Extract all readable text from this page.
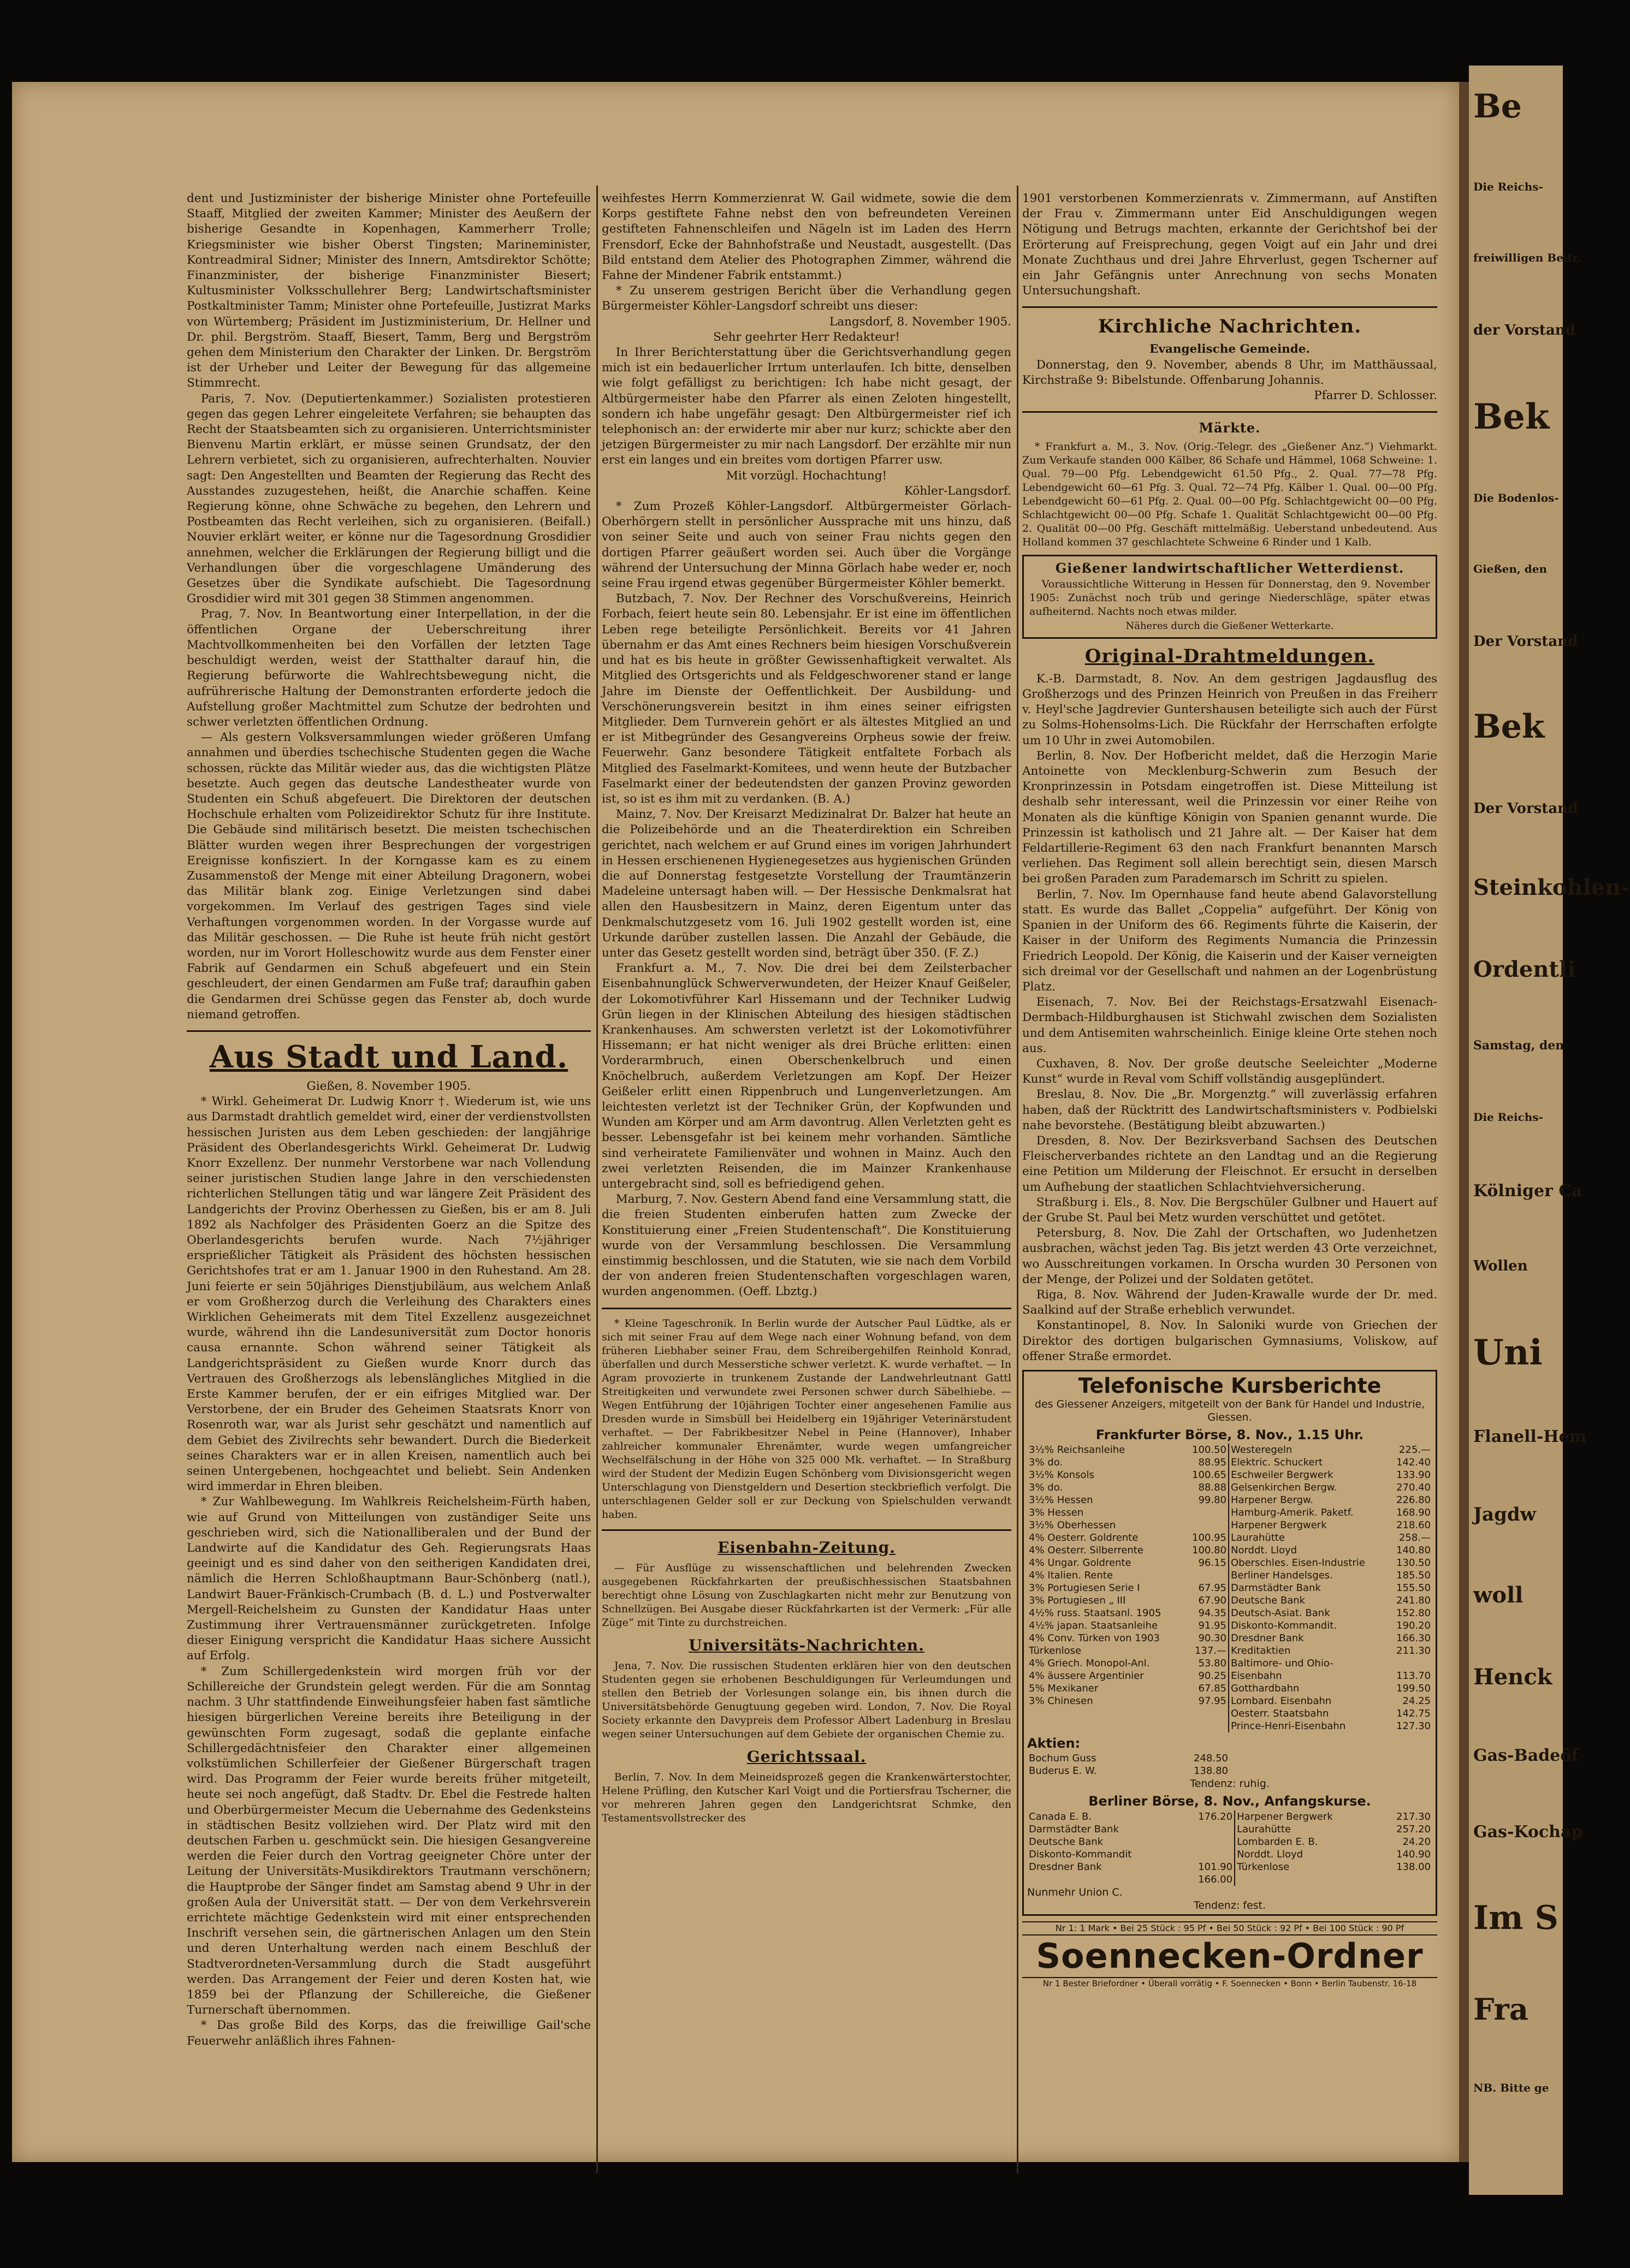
dent und Justizminister der bisherige Minister ohne Portefeuille Staaff, Mitglied der zweiten Kammer; Minister des Aeußern der bisherige Gesandte in Kopenhagen, Kammerherr Trolle; Kriegsminister wie bisher Oberst Tingsten; Marineminister, Kontreadmiral Sidner; Minister des Innern, Amtsdirektor Schötte; Finanzminister, der bisherige Finanzminister Biesert; Kultusminister Volksschullehrer Berg; Landwirtschaftsminister Postkaltminister Tamm; Minister ohne Portefeuille, Justizrat Marks von Würtemberg; Präsident im Justizministerium, Dr. Hellner und Dr. phil. Bergström. Staaff, Biesert, Tamm, Berg und Bergström gehen dem Ministerium den Charakter der Linken. Dr. Bergström ist der Urheber und Leiter der Bewegung für das allgemeine Stimmrecht.

Paris, 7. Nov. (Deputiertenkammer.) Sozialisten protestieren gegen das gegen Lehrer eingeleitete Verfahren; sie behaupten das Recht der Staatsbeamten sich zu organisieren. Unterrichtsminister Bienvenu Martin erklärt, er müsse seinen Grundsatz, der den Lehrern verbietet, sich zu organisieren, aufrechterhalten. Nouvier sagt: Den Angestellten und Beamten der Regierung das Recht des Ausstandes zuzugestehen, heißt, die Anarchie schaffen. Keine Regierung könne, ohne Schwäche zu begehen, den Lehrern und Postbeamten das Recht verleihen, sich zu organisieren. (Beifall.) Nouvier erklärt weiter, er könne nur die Tagesordnung Grosdidier annehmen, welcher die Erklärungen der Regierung billigt und die Verhandlungen über die vorgeschlagene Umänderung des Gesetzes über die Syndikate aufschiebt. Die Tagesordnung Grosdidier wird mit 301 gegen 38 Stimmen angenommen.

Prag, 7. Nov. In Beantwortung einer Interpellation, in der die öffentlichen Organe der Ueberschreitung ihrer Machtvollkommenheiten bei den Vorfällen der letzten Tage beschuldigt werden, weist der Statthalter darauf hin, die Regierung befürworte die Wahlrechtsbewegung nicht, die aufrührerische Haltung der Demonstranten erforderte jedoch die Aufstellung großer Machtmittel zum Schutze der bedrohten und schwer verletzten öffentlichen Ordnung.

— Als gestern Volksversammlungen wieder größeren Umfang annahmen und überdies tschechische Studenten gegen die Wache schossen, rückte das Militär wieder aus, das die wichtigsten Plätze besetzte. Auch gegen das deutsche Landestheater wurde von Studenten ein Schuß abgefeuert. Die Direktoren der deutschen Hochschule erhalten vom Polizeidirektor Schutz für ihre Institute. Die Gebäude sind militärisch besetzt. Die meisten tschechischen Blätter wurden wegen ihrer Besprechungen der vorgestrigen Ereignisse konfisziert. In der Korngasse kam es zu einem Zusammenstoß der Menge mit einer Abteilung Dragonern, wobei das Militär blank zog. Einige Verletzungen sind dabei vorgekommen. Im Verlauf des gestrigen Tages sind viele Verhaftungen vorgenommen worden. In der Vorgasse wurde auf das Militär geschossen. — Die Ruhe ist heute früh nicht gestört worden, nur im Vorort Holleschowitz wurde aus dem Fenster einer Fabrik auf Gendarmen ein Schuß abgefeuert und ein Stein geschleudert, der einen Gendarmen am Fuße traf; daraufhin gaben die Gendarmen drei Schüsse gegen das Fenster ab, doch wurde niemand getroffen.

Aus Stadt und Land.

Gießen, 8. November 1905.

* Wirkl. Geheimerat Dr. Ludwig Knorr †. Wiederum ist, wie uns aus Darmstadt drahtlich gemeldet wird, einer der verdienstvollsten hessischen Juristen aus dem Leben geschieden: der langjährige Präsident des Oberlandesgerichts Wirkl. Geheimerat Dr. Ludwig Knorr Exzellenz. Der nunmehr Verstorbene war nach Vollendung seiner juristischen Studien lange Jahre in den verschiedensten richterlichen Stellungen tätig und war längere Zeit Präsident des Landgerichts der Provinz Oberhessen zu Gießen, bis er am 8. Juli 1892 als Nachfolger des Präsidenten Goerz an die Spitze des Oberlandesgerichts berufen wurde. Nach 7½jähriger ersprießlicher Tätigkeit als Präsident des höchsten hessischen Gerichtshofes trat er am 1. Januar 1900 in den Ruhestand. Am 28. Juni feierte er sein 50jähriges Dienstjubiläum, aus welchem Anlaß er vom Großherzog durch die Verleihung des Charakters eines Wirklichen Geheimerats mit dem Titel Exzellenz ausgezeichnet wurde, während ihn die Landesuniversität zum Doctor honoris causa ernannte. Schon während seiner Tätigkeit als Landgerichtspräsident zu Gießen wurde Knorr durch das Vertrauen des Großherzogs als lebenslängliches Mitglied in die Erste Kammer berufen, der er ein eifriges Mitglied war. Der Verstorbene, der ein Bruder des Geheimen Staatsrats Knorr von Rosenroth war, war als Jurist sehr geschätzt und namentlich auf dem Gebiet des Zivilrechts sehr bewandert. Durch die Biederkeit seines Charakters war er in allen Kreisen, namentlich auch bei seinen Untergebenen, hochgeachtet und beliebt. Sein Andenken wird immerdar in Ehren bleiben.

* Zur Wahlbewegung. Im Wahlkreis Reichelsheim-Fürth haben, wie auf Grund von Mitteilungen von zuständiger Seite uns geschrieben wird, sich die Nationalliberalen und der Bund der Landwirte auf die Kandidatur des Geh. Regierungsrats Haas geeinigt und es sind daher von den seitherigen Kandidaten drei, nämlich die Herren Schloßhauptmann Baur-Schönberg (natl.), Landwirt Bauer-Fränkisch-Crumbach (B. d. L.) und Postverwalter Mergell-Reichelsheim zu Gunsten der Kandidatur Haas unter Zustimmung ihrer Vertrauensmänner zurückgetreten. Infolge dieser Einigung verspricht die Kandidatur Haas sichere Aussicht auf Erfolg.

* Zum Schillergedenkstein wird morgen früh vor der Schillereiche der Grundstein gelegt werden. Für die am Sonntag nachm. 3 Uhr stattfindende Einweihungsfeier haben fast sämtliche hiesigen bürgerlichen Vereine bereits ihre Beteiligung in der gewünschten Form zugesagt, sodaß die geplante einfache Schillergedächtnisfeier den Charakter einer allgemeinen volkstümlichen Schillerfeier der Gießener Bürgerschaft tragen wird. Das Programm der Feier wurde bereits früher mitgeteilt, heute sei noch angefügt, daß Stadtv. Dr. Ebel die Festrede halten und Oberbürgermeister Mecum die Uebernahme des Gedenksteins in städtischen Besitz vollziehen wird. Der Platz wird mit den deutschen Farben u. geschmückt sein. Die hiesigen Gesangvereine werden die Feier durch den Vortrag geeigneter Chöre unter der Leitung der Universitäts-Musikdirektors Trautmann verschönern; die Hauptprobe der Sänger findet am Samstag abend 9 Uhr in der großen Aula der Universität statt. — Der von dem Verkehrsverein errichtete mächtige Gedenkstein wird mit einer entsprechenden Inschrift versehen sein, die gärtnerischen Anlagen um den Stein und deren Unterhaltung werden nach einem Beschluß der Stadtverordneten-Versammlung durch die Stadt ausgeführt werden. Das Arrangement der Feier und deren Kosten hat, wie 1859 bei der Pflanzung der Schillereiche, die Gießener Turnerschaft übernommen.

* Das große Bild des Korps, das die freiwillige Gail'sche Feuerwehr anläßlich ihres Fahnen-

weihfestes Herrn Kommerzienrat W. Gail widmete, sowie die dem Korps gestiftete Fahne nebst den von befreundeten Vereinen gestifteten Fahnenschleifen und Nägeln ist im Laden des Herrn Frensdorf, Ecke der Bahnhofstraße und Neustadt, ausgestellt. (Das Bild entstand dem Atelier des Photographen Zimmer, während die Fahne der Mindener Fabrik entstammt.)

* Zu unserem gestrigen Bericht über die Verhandlung gegen Bürgermeister Köhler-Langsdorf schreibt uns dieser:

Langsdorf, 8. November 1905.

Sehr geehrter Herr Redakteur!

In Ihrer Berichterstattung über die Gerichtsverhandlung gegen mich ist ein bedauerlicher Irrtum unterlaufen. Ich bitte, denselben wie folgt gefälligst zu berichtigen: Ich habe nicht gesagt, der Altbürgermeister habe den Pfarrer als einen Zeloten hingestellt, sondern ich habe ungefähr gesagt: Den Altbürgermeister rief ich telephonisch an: der erwiderte mir aber nur kurz; schickte aber den jetzigen Bürgermeister zu mir nach Langsdorf. Der erzählte mir nun erst ein langes und ein breites vom dortigen Pfarrer usw.

Mit vorzügl. Hochachtung!

Köhler-Langsdorf.

* Zum Prozeß Köhler-Langsdorf. Altbürgermeister Görlach-Oberhörgern stellt in persönlicher Aussprache mit uns hinzu, daß von seiner Seite und auch von seiner Frau nichts gegen den dortigen Pfarrer geäußert worden sei. Auch über die Vorgänge während der Untersuchung der Minna Görlach habe weder er, noch seine Frau irgend etwas gegenüber Bürgermeister Köhler bemerkt.

Butzbach, 7. Nov. Der Rechner des Vorschußvereins, Heinrich Forbach, feiert heute sein 80. Lebensjahr. Er ist eine im öffentlichen Leben rege beteiligte Persönlichkeit. Bereits vor 41 Jahren übernahm er das Amt eines Rechners beim hiesigen Vorschußverein und hat es bis heute in größter Gewissenhaftigkeit verwaltet. Als Mitglied des Ortsgerichts und als Feldgeschworener stand er lange Jahre im Dienste der Oeffentlichkeit. Der Ausbildung- und Verschönerungsverein besitzt in ihm eines seiner eifrigsten Mitglieder. Dem Turnverein gehört er als ältestes Mitglied an und er ist Mitbegründer des Gesangvereins Orpheus sowie der freiw. Feuerwehr. Ganz besondere Tätigkeit entfaltete Forbach als Mitglied des Faselmarkt-Komitees, und wenn heute der Butzbacher Faselmarkt einer der bedeutendsten der ganzen Provinz geworden ist, so ist es ihm mit zu verdanken. (B. A.)

Mainz, 7. Nov. Der Kreisarzt Medizinalrat Dr. Balzer hat heute an die Polizeibehörde und an die Theaterdirektion ein Schreiben gerichtet, nach welchem er auf Grund eines im vorigen Jahrhundert in Hessen erschienenen Hygienegesetzes aus hygienischen Gründen die auf Donnerstag festgesetzte Vorstellung der Traumtänzerin Madeleine untersagt haben will. — Der Hessische Denkmalsrat hat allen den Hausbesitzern in Mainz, deren Eigentum unter das Denkmalschutzgesetz vom 16. Juli 1902 gestellt worden ist, eine Urkunde darüber zustellen lassen. Die Anzahl der Gebäude, die unter das Gesetz gestellt worden sind, beträgt über 350. (F. Z.)

Frankfurt a. M., 7. Nov. Die drei bei dem Zeilsterbacher Eisenbahnunglück Schwerverwundeten, der Heizer Knauf Geißeler, der Lokomotivführer Karl Hissemann und der Techniker Ludwig Grün liegen in der Klinischen Abteilung des hiesigen städtischen Krankenhauses. Am schwersten verletzt ist der Lokomotivführer Hissemann; er hat nicht weniger als drei Brüche erlitten: einen Vorderarmbruch, einen Oberschenkelbruch und einen Knöchelbruch, außerdem Verletzungen am Kopf. Der Heizer Geißeler erlitt einen Rippenbruch und Lungenverletzungen. Am leichtesten verletzt ist der Techniker Grün, der Kopfwunden und Wunden am Körper und am Arm davontrug. Allen Verletzten geht es besser. Lebensgefahr ist bei keinem mehr vorhanden. Sämtliche sind verheiratete Familienväter und wohnen in Mainz. Auch den zwei verletzten Reisenden, die im Mainzer Krankenhause untergebracht sind, soll es befriedigend gehen.

Marburg, 7. Nov. Gestern Abend fand eine Versammlung statt, die die freien Studenten einberufen hatten zum Zwecke der Konstituierung einer „Freien Studentenschaft“. Die Konstituierung wurde von der Versammlung beschlossen. Die Versammlung einstimmig beschlossen, und die Statuten, wie sie nach dem Vorbild der von anderen freien Studentenschaften vorgeschlagen waren, wurden angenommen. (Oeff. Lbztg.)

* Kleine Tageschronik. In Berlin wurde der Autscher Paul Lüdtke, als er sich mit seiner Frau auf dem Wege nach einer Wohnung befand, von dem früheren Liebhaber seiner Frau, dem Schreibergehilfen Reinhold Konrad, überfallen und durch Messerstiche schwer verletzt. K. wurde verhaftet. — In Agram provozierte in trunkenem Zustande der Landwehrleutnant Gattl Streitigkeiten und verwundete zwei Personen schwer durch Säbelhiebe. — Wegen Entführung der 10jährigen Tochter einer angesehenen Familie aus Dresden wurde in Simsbüll bei Heidelberg ein 19jähriger Veterinärstudent verhaftet. — Der Fabrikbesitzer Nebel in Peine (Hannover), Inhaber zahlreicher kommunaler Ehrenämter, wurde wegen umfangreicher Wechselfälschung in der Höhe von 325 000 Mk. verhaftet. — In Straßburg wird der Student der Medizin Eugen Schönberg vom Divisionsgericht wegen Unterschlagung von Dienstgeldern und Desertion steckbrieflich verfolgt. Die unterschlagenen Gelder soll er zur Deckung von Spielschulden verwandt haben.

Eisenbahn-Zeitung.

— Für Ausflüge zu wissenschaftlichen und belehrenden Zwecken ausgegebenen Rückfahrkarten der preußischhessischen Staatsbahnen berechtigt ohne Lösung von Zuschlagkarten nicht mehr zur Benutzung von Schnellzügen. Bei Ausgabe dieser Rückfahrkarten ist der Vermerk: „Für alle Züge“ mit Tinte zu durchstreichen.

Universitäts-Nachrichten.

Jena, 7. Nov. Die russischen Studenten erklären hier von den deutschen Studenten gegen sie erhobenen Beschuldigungen für Verleumdungen und stellen den Betrieb der Vorlesungen solange ein, bis ihnen durch die Universitätsbehörde Genugtuung gegeben wird. London, 7. Nov. Die Royal Society erkannte den Davypreis dem Professor Albert Ladenburg in Breslau wegen seiner Untersuchungen auf dem Gebiete der organischen Chemie zu.

Gerichtssaal.

Berlin, 7. Nov. In dem Meineidsprozeß gegen die Krankenwärterstochter, Helene Prüfling, den Kutscher Karl Voigt und die Portiersfrau Tscherner, die vor mehreren Jahren gegen den Landgerichtsrat Schmke, den Testamentsvollstrecker des

1901 verstorbenen Kommerzienrats v. Zimmermann, auf Anstiften der Frau v. Zimmermann unter Eid Anschuldigungen wegen Nötigung und Betrugs machten, erkannte der Gerichtshof bei der Erörterung auf Freisprechung, gegen Voigt auf ein Jahr und drei Monate Zuchthaus und drei Jahre Ehrverlust, gegen Tscherner auf ein Jahr Gefängnis unter Anrechnung von sechs Monaten Untersuchungshaft.

Kirchliche Nachrichten.

Evangelische Gemeinde.

Donnerstag, den 9. November, abends 8 Uhr, im Matthäussaal, Kirchstraße 9: Bibelstunde. Offenbarung Johannis.

Pfarrer D. Schlosser.

Märkte.

* Frankfurt a. M., 3. Nov. (Orig.-Telegr. des „Gießener Anz.“) Viehmarkt. Zum Verkaufe standen 000 Kälber, 86 Schafe und Hämmel, 1068 Schweine: 1. Qual. 79—00 Pfg. Lebendgewicht 61.50 Pfg., 2. Qual. 77—78 Pfg. Lebendgewicht 60—61 Pfg. 3. Qual. 72—74 Pfg. Kälber 1. Qual. 00—00 Pfg. Lebendgewicht 60—61 Pfg. 2. Qual. 00—00 Pfg. Schlachtgewicht 00—00 Pfg. Schlachtgewicht 00—00 Pfg. Schafe 1. Qualität Schlachtgewicht 00—00 Pfg. 2. Qualität 00—00 Pfg. Geschäft mittelmäßig. Ueberstand unbedeutend. Aus Holland kommen 37 geschlachtete Schweine 6 Rinder und 1 Kalb.

Gießener landwirtschaftlicher Wetterdienst.

Voraussichtliche Witterung in Hessen für Donnerstag, den 9. November 1905: Zunächst noch trüb und geringe Niederschläge, später etwas aufheiternd. Nachts noch etwas milder.

Näheres durch die Gießener Wetterkarte.

Original-Drahtmeldungen.

K.-B. Darmstadt, 8. Nov. An dem gestrigen Jagdausflug des Großherzogs und des Prinzen Heinrich von Preußen in das Freiherr v. Heyl'sche Jagdrevier Guntershausen beteiligte sich auch der Fürst zu Solms-Hohensolms-Lich. Die Rückfahr der Herrschaften erfolgte um 10 Uhr in zwei Automobilen.

Berlin, 8. Nov. Der Hofbericht meldet, daß die Herzogin Marie Antoinette von Mecklenburg-Schwerin zum Besuch der Kronprinzessin in Potsdam eingetroffen ist. Diese Mitteilung ist deshalb sehr interessant, weil die Prinzessin vor einer Reihe von Monaten als die künftige Königin von Spanien genannt wurde. Die Prinzessin ist katholisch und 21 Jahre alt. — Der Kaiser hat dem Feldartillerie-Regiment 63 den nach Frankfurt benannten Marsch verliehen. Das Regiment soll allein berechtigt sein, diesen Marsch bei großen Paraden zum Parademarsch im Schritt zu spielen.

Berlin, 7. Nov. Im Opernhause fand heute abend Galavorstellung statt. Es wurde das Ballet „Coppelia“ aufgeführt. Der König von Spanien in der Uniform des 66. Regiments führte die Kaiserin, der Kaiser in der Uniform des Regiments Numancia die Prinzessin Friedrich Leopold. Der König, die Kaiserin und der Kaiser verneigten sich dreimal vor der Gesellschaft und nahmen an der Logenbrüstung Platz.

Eisenach, 7. Nov. Bei der Reichstags-Ersatzwahl Eisenach-Dermbach-Hildburghausen ist Stichwahl zwischen dem Sozialisten und dem Antisemiten wahrscheinlich. Einige kleine Orte stehen noch aus.

Cuxhaven, 8. Nov. Der große deutsche Seeleichter „Moderne Kunst“ wurde in Reval vom Schiff vollständig ausgeplündert.

Breslau, 8. Nov. Die „Br. Morgenztg.“ will zuverlässig erfahren haben, daß der Rücktritt des Landwirtschaftsministers v. Podbielski nahe bevorstehe. (Bestätigung bleibt abzuwarten.)

Dresden, 8. Nov. Der Bezirksverband Sachsen des Deutschen Fleischerverbandes richtete an den Landtag und an die Regierung eine Petition um Milderung der Fleischnot. Er ersucht in derselben um Aufhebung der staatlichen Schlachtviehversicherung.

Straßburg i. Els., 8. Nov. Die Bergschüler Gulbner und Hauert auf der Grube St. Paul bei Metz wurden verschüttet und getötet.

Petersburg, 8. Nov. Die Zahl der Ortschaften, wo Judenhetzen ausbrachen, wächst jeden Tag. Bis jetzt werden 43 Orte verzeichnet, wo Ausschreitungen vorkamen. In Orscha wurden 30 Personen von der Menge, der Polizei und der Soldaten getötet.

Riga, 8. Nov. Während der Juden-Krawalle wurde der Dr. med. Saalkind auf der Straße erheblich verwundet.

Konstantinopel, 8. Nov. In Saloniki wurde von Griechen der Direktor des dortigen bulgarischen Gymnasiums, Voliskow, auf offener Straße ermordet.

Telefonische Kursberichte
des Giessener Anzeigers, mitgeteilt von der Bank für Handel und Industrie, Giessen.
Frankfurter Börse, 8. Nov., 1.15 Uhr.
3½% Reichsanleihe	100.50	Westeregeln	225.—
3% do.	88.95	Elektric. Schuckert	142.40
3½% Konsols	100.65	Eschweiler Bergwerk	133.90
3% do.	88.88	Gelsenkirchen Bergw.	270.40
3½% Hessen	99.80	Harpener Bergw.	226.80
3% Hessen		Hamburg-Amerik. Paketf.	168.90
3½% Oberhessen		Harpener Bergwerk	218.60
4% Oesterr. Goldrente	100.95	Laurahütte	258.—
4% Oesterr. Silberrente	100.80	Norddt. Lloyd	140.80
4% Ungar. Goldrente	96.15	Oberschles. Eisen-Industrie	130.50
4% Italien. Rente		Berliner Handelsges.	185.50
3% Portugiesen Serie I	67.95	Darmstädter Bank	155.50
3% Portugiesen „ III	67.90	Deutsche Bank	241.80
4½% russ. Staatsanl. 1905	94.35	Deutsch-Asiat. Bank	152.80
4½% japan. Staatsanleihe	91.95	Diskonto-Kommandit.	190.20
4% Conv. Türken von 1903	90.30	Dresdner Bank	166.30
Türkenlose	137.—	Kreditaktien	211.30
4% Griech. Monopol-Anl.	53.80	Baltimore- und Ohio-	
4% äussere Argentinier	90.25	Eisenbahn	113.70
5% Mexikaner	67.85	Gotthardbahn	199.50
3% Chinesen	97.95	Lombard. Eisenbahn	24.25
		Oesterr. Staatsbahn	142.75
		Prince-Henri-Eisenbahn	127.30
Aktien:
Bochum Guss	248.50
Buderus E. W.	138.80
Tendenz: ruhig.
Berliner Börse, 8. Nov., Anfangskurse.
Canada E. B.	176.20	Harpener Bergwerk	217.30
Darmstädter Bank		Laurahütte	257.20
Deutsche Bank		Lombarden E. B.	24.20
Diskonto-Kommandit		Norddt. Lloyd	140.90
Dresdner Bank	101.90	Türkenlose	138.00
	166.00		
Nunmehr Union C.
Tendenz: fest.
Nr 1: 1 Mark • Bei 25 Stück : 95 Pf • Bei 50 Stück : 92 Pf • Bei 100 Stück : 90 Pf
Soennecken-Ordner
Nr 1 Bester Briefordner • Überall vorrätig • F. Soennecken • Bonn • Berlin Taubenstr. 16-18
Be
Die Reichs-
freiwilligen Beitr.
der Vorstand
Bek
Die Bodenlos-
Gießen, den
Der Vorstand
Bek
Der Vorstand
Steinkohlen-
Ordentli
Samstag, den
Die Reichs-
Kölniger Ca
Wollen
Uni
Flanell-Hem
Jagdw
woll
Henck
Gas-Badeöf
Gas-Kochap
Im S
Fra
NB. Bitte ge
